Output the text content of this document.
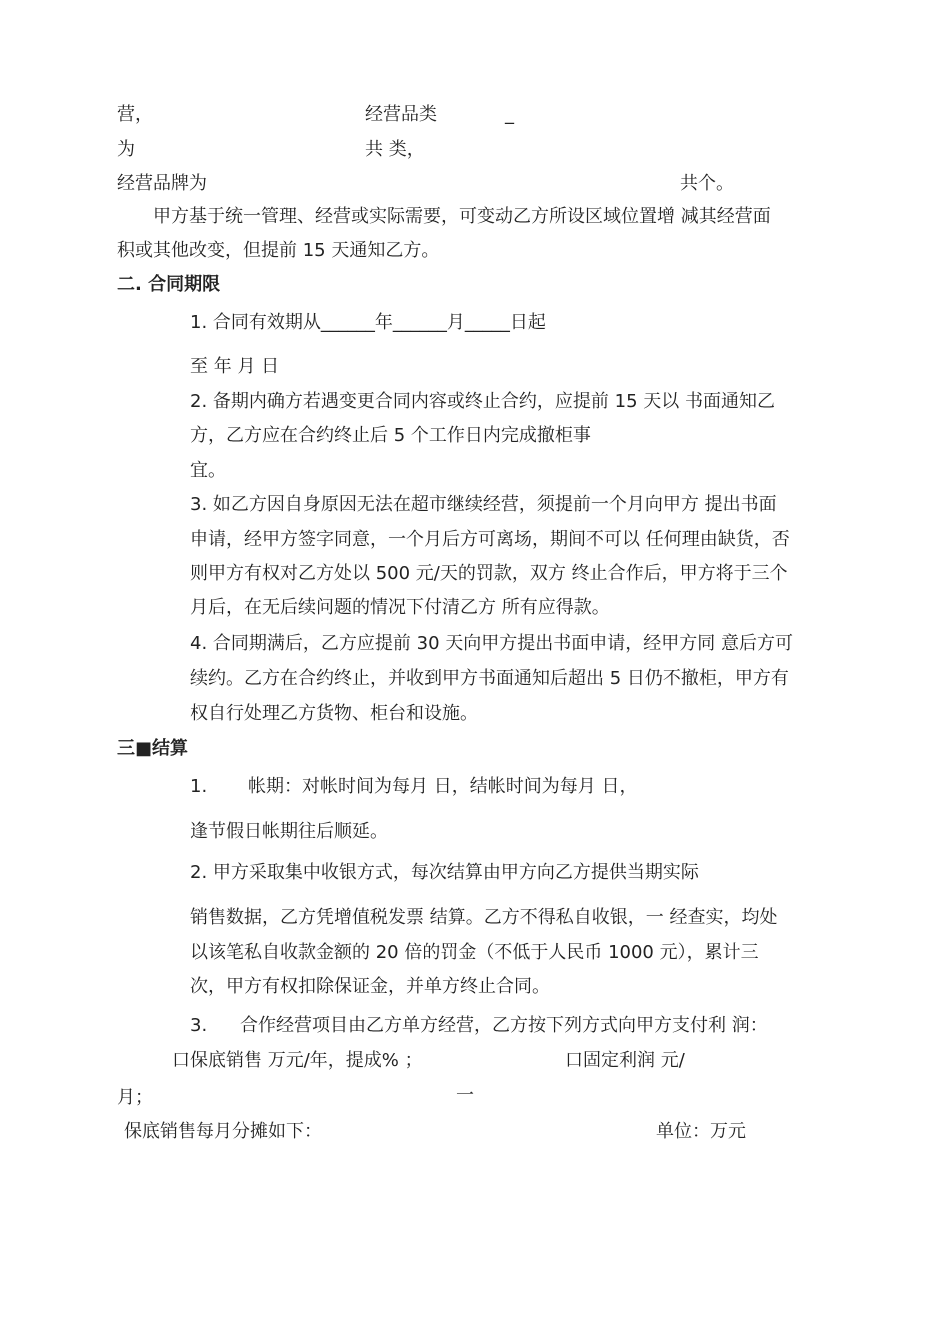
营，	经营品类	_
为	共 类，
经营品牌为	共个。
甲方基于统一管理、经营或实际需要，可变动乙方所设区域位置增 减其经营面
积或其他改变，但提前 15 天通知乙方。
二. 合同期限
1. 合同有效期从______年______月_____日起
至 年 月 日
2. 备期内确方若遇变更合同内容或终止合约，应提前 15 天以 书面通知乙
方，乙方应在合约终止后 5 个工作日内完成撤柜事
宜。
3. 如乙方因自身原因无法在超市继续经营，须提前一个月向甲方 提出书面
申请，经甲方签字同意，一个月后方可离场，期间不可以 任何理由缺货，否
则甲方有权对乙方处以 500 元/天的罚款，双方 终止合作后，甲方将于三个
月后，在无后续问题的情况下付清乙方 所有应得款。
4. 合同期满后，乙方应提前 30 天向甲方提出书面申请，经甲方同 意后方可
续约。乙方在合约终止，并收到甲方书面通知后超出 5 日仍不撤柜，甲方有
权自行处理乙方货物、柜台和设施。
三■结算
1. 帐期：对帐时间为每月 日，结帐时间为每月 日，
逢节假日帐期往后顺延。
2. 甲方采取集中收银方式，每次结算由甲方向乙方提供当期实际
销售数据，乙方凭增值税发票 结算。乙方不得私自收银，一 经查实，均处
以该笔私自收款金额的 20 倍的罚金（不低于人民币 1000 元），累计三
次，甲方有权扣除保证金，并单方终止合同。
3. 合作经营项目由乙方单方经营，乙方按下列方式向甲方支付利 润：
口保底销售 万元/年，提成% ；	口固定利润 元/
月；	一
保底销售每月分摊如下：	单位：万元
